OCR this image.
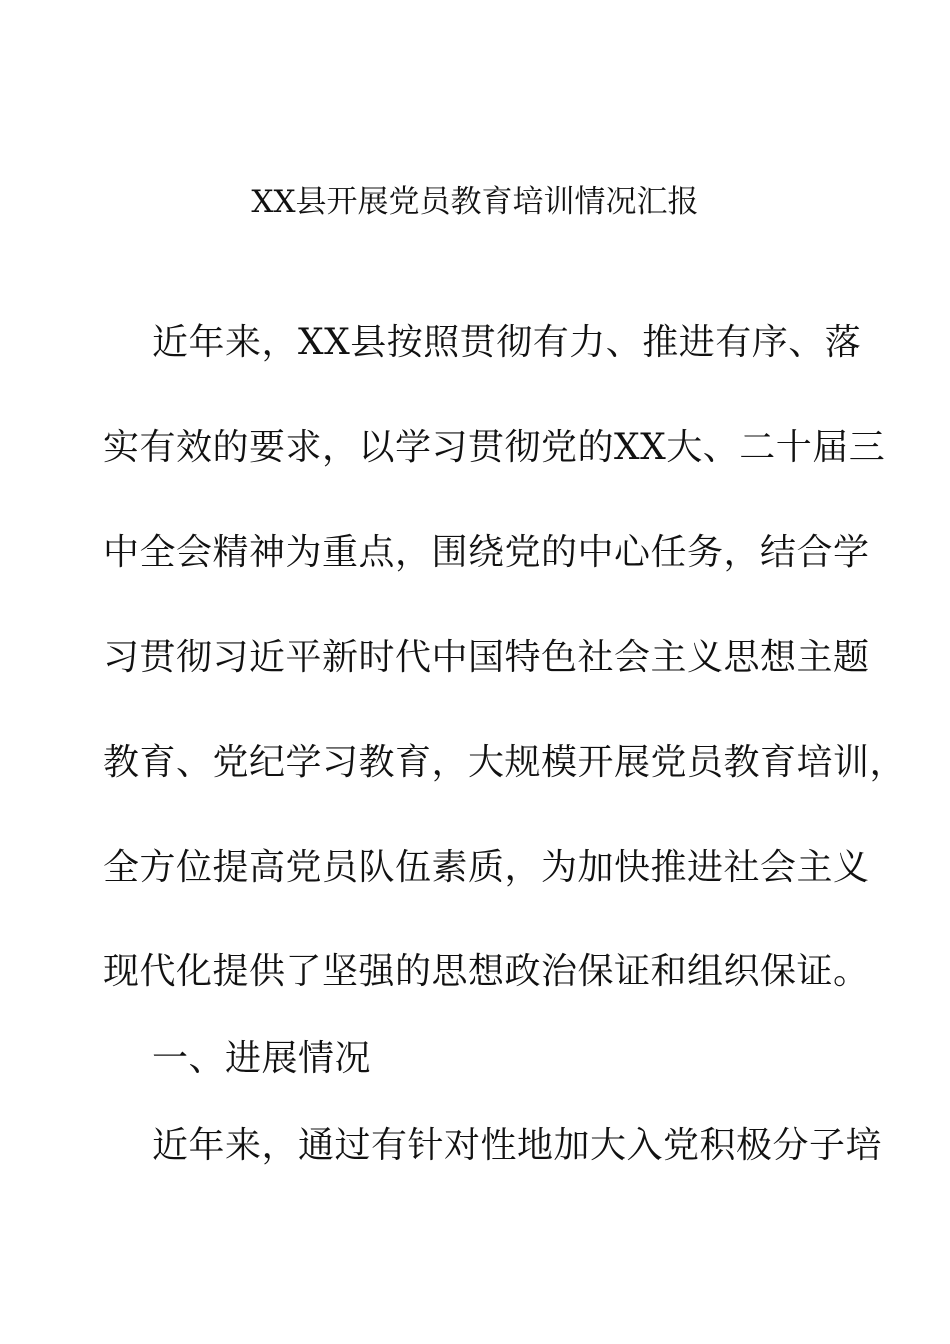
XX县开展党员教育培训情况汇报
近年来，XX县按照贯彻有力、推进有序、落
实有效的要求，以学习贯彻党的XX大、二十届三
中全会精神为重点，围绕党的中心任务，结合学
习贯彻习近平新时代中国特色社会主义思想主题
教育、党纪学习教育，大规模开展党员教育培训，
全方位提高党员队伍素质，为加快推进社会主义
现代化提供了坚强的思想政治保证和组织保证。
一、进展情况
近年来，通过有针对性地加大入党积极分子培
